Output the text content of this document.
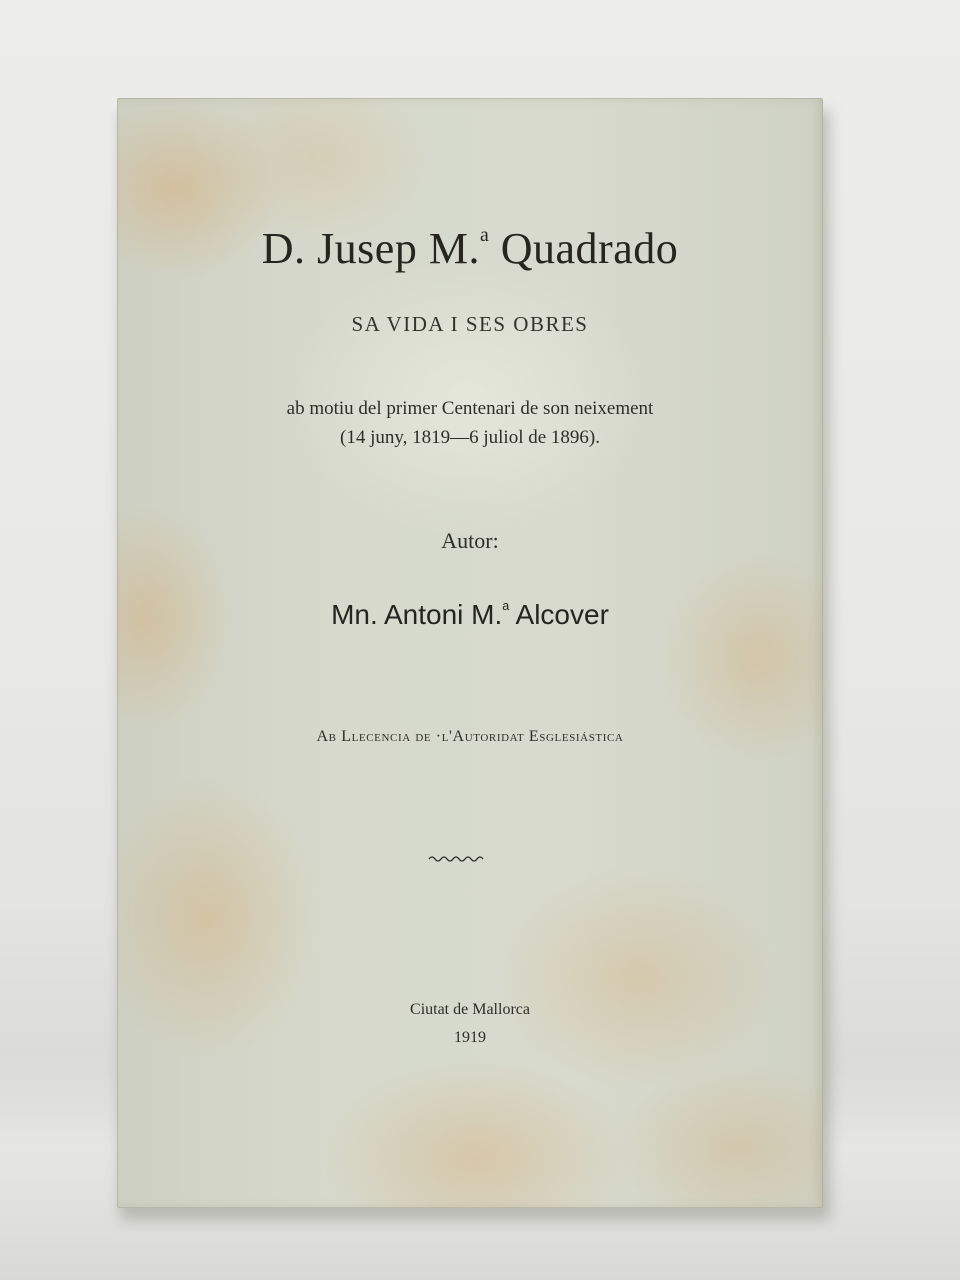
D. Jusep M.$^a$ Quadrado
SA VIDA I SES OBRES
ab motiu del primer Centenari de son neixement
(14 juny, 1819—6 juliol de 1896).
Autor:
Mn. Antoni M.$^a$ Alcover
Ab Llecencia de ·l'Autoridat Esglesiástica
Ciutat de Mallorca
1919
